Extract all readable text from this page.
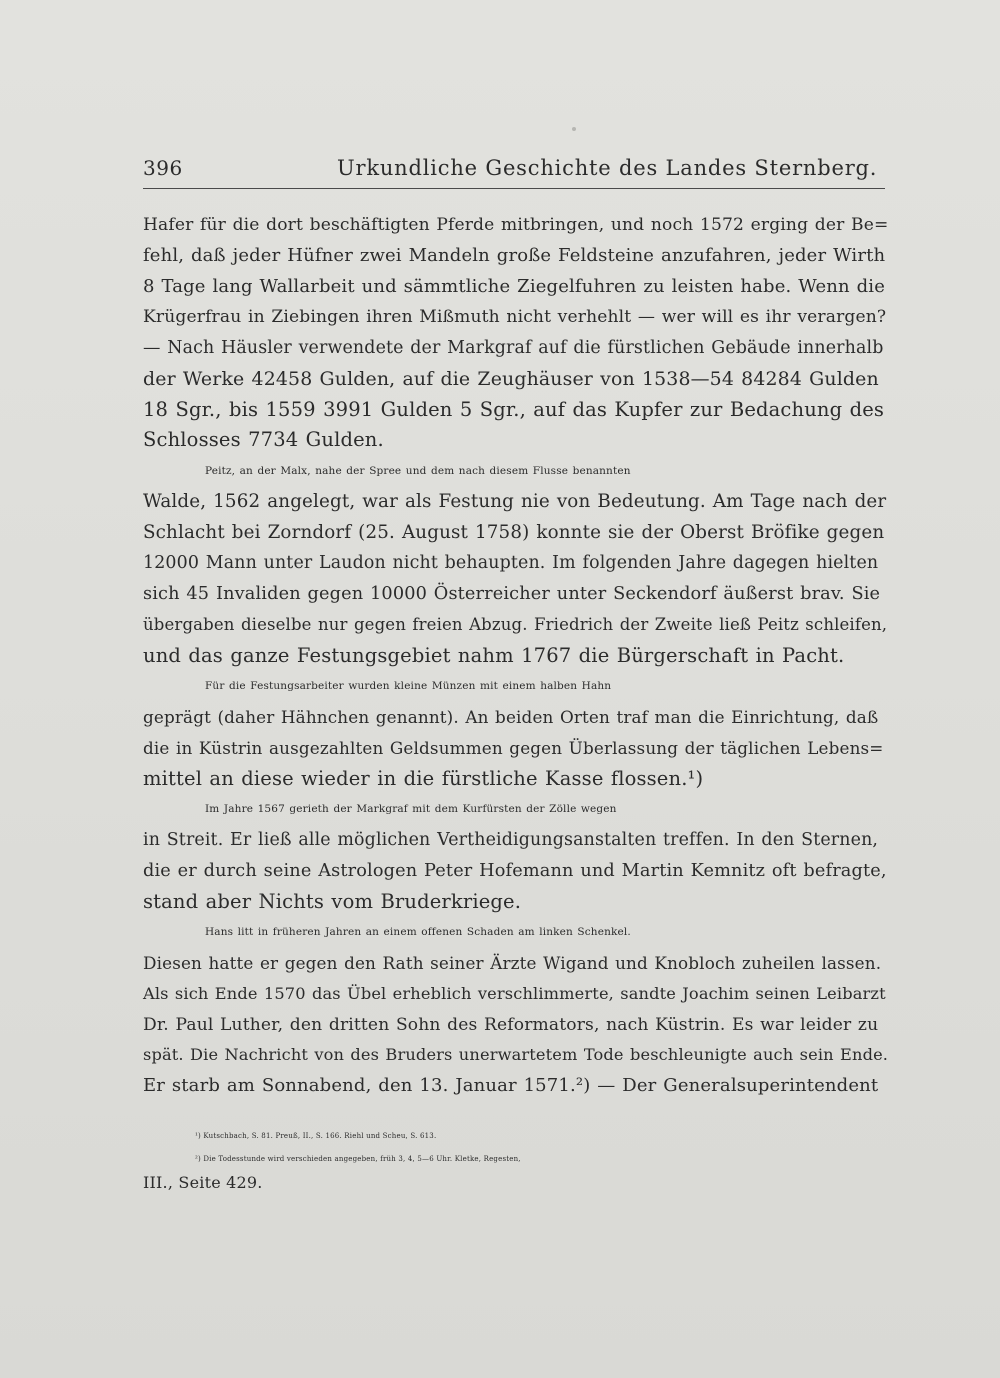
396	Urkundliche Geschichte des Landes Sternberg.
Hafer für die dort beschäftigten Pferde mitbringen, und noch 1572 erging der Be=
fehl, daß jeder Hüfner zwei Mandeln große Feldsteine anzufahren, jeder Wirth
8 Tage lang Wallarbeit und sämmtliche Ziegelfuhren zu leisten habe. Wenn die
Krügerfrau in Ziebingen ihren Mißmuth nicht verhehlt — wer will es ihr verargen?
— Nach Häusler verwendete der Markgraf auf die fürstlichen Gebäude innerhalb
der Werke 42458 Gulden, auf die Zeughäuser von 1538—54 84284 Gulden
18 Sgr., bis 1559 3991 Gulden 5 Sgr., auf das Kupfer zur Bedachung des
Schlosses 7734 Gulden.
Peitz, an der Malx, nahe der Spree und dem nach diesem Flusse benannten
Walde, 1562 angelegt, war als Festung nie von Bedeutung. Am Tage nach der
Schlacht bei Zorndorf (25. August 1758) konnte sie der Oberst Bröfike gegen
12000 Mann unter Laudon nicht behaupten. Im folgenden Jahre dagegen hielten
sich 45 Invaliden gegen 10000 Österreicher unter Seckendorf äußerst brav. Sie
übergaben dieselbe nur gegen freien Abzug. Friedrich der Zweite ließ Peitz schleifen,
und das ganze Festungsgebiet nahm 1767 die Bürgerschaft in Pacht.
Für die Festungsarbeiter wurden kleine Münzen mit einem halben Hahn
geprägt (daher Hähnchen genannt). An beiden Orten traf man die Einrichtung, daß
die in Küstrin ausgezahlten Geldsummen gegen Überlassung der täglichen Lebens=
mittel an diese wieder in die fürstliche Kasse flossen.¹)
Im Jahre 1567 gerieth der Markgraf mit dem Kurfürsten der Zölle wegen
in Streit. Er ließ alle möglichen Vertheidigungsanstalten treffen. In den Sternen,
die er durch seine Astrologen Peter Hofemann und Martin Kemnitz oft befragte,
stand aber Nichts vom Bruderkriege.
Hans litt in früheren Jahren an einem offenen Schaden am linken Schenkel.
Diesen hatte er gegen den Rath seiner Ärzte Wigand und Knobloch zuheilen lassen.
Als sich Ende 1570 das Übel erheblich verschlimmerte, sandte Joachim seinen Leibarzt
Dr. Paul Luther, den dritten Sohn des Reformators, nach Küstrin. Es war leider zu
spät. Die Nachricht von des Bruders unerwartetem Tode beschleunigte auch sein Ende.
Er starb am Sonnabend, den 13. Januar 1571.²) — Der Generalsuperintendent
¹) Kutschbach, S. 81. Preuß, II., S. 166. Riehl und Scheu, S. 613.
²) Die Todesstunde wird verschieden angegeben, früh 3, 4, 5—6 Uhr. Kletke, Regesten,
III., Seite 429.
